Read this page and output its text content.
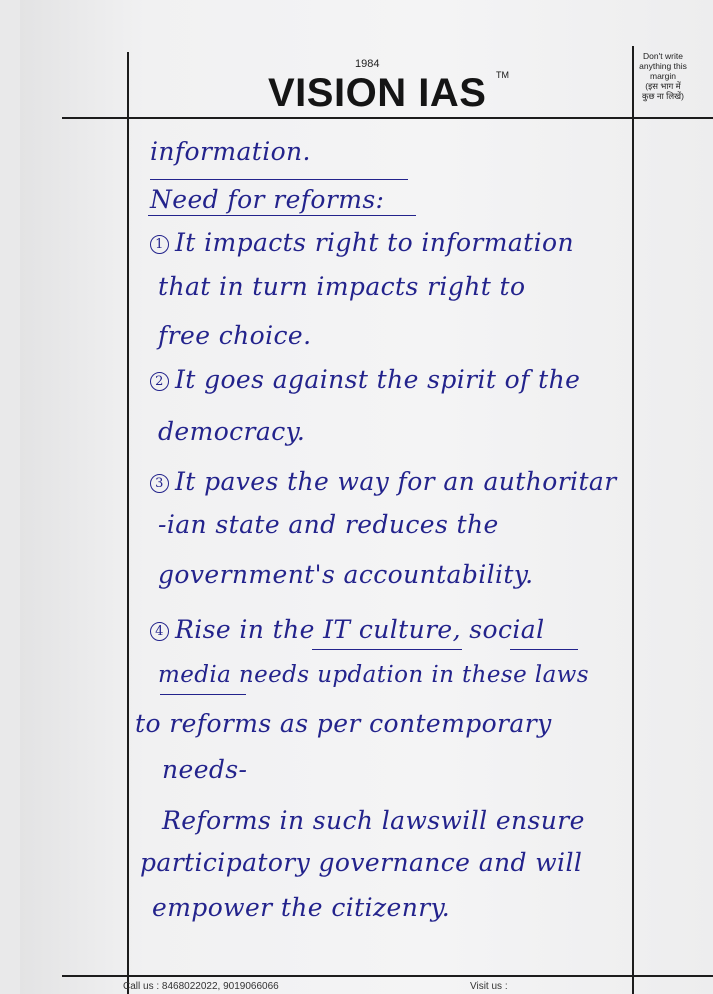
1984
VISION IAS TM
Don't write
anything this
margin
(इस भाग में
कुछ ना लिखें)
information.
Need for reforms:
1 It impacts right to information
that in turn impacts right to
free choice.
2 It goes against the spirit of the
democracy.
3 It paves the way for an authoritar
-ian state and reduces the
government's accountability.
4 Rise in the IT culture, social
media needs updation in these laws
to reforms as per contemporary
needs-
Reforms in such lawswill ensure
participatory governance and will
empower the citizenry.
Call us : 8468022022, 9019066066	Visit us :
